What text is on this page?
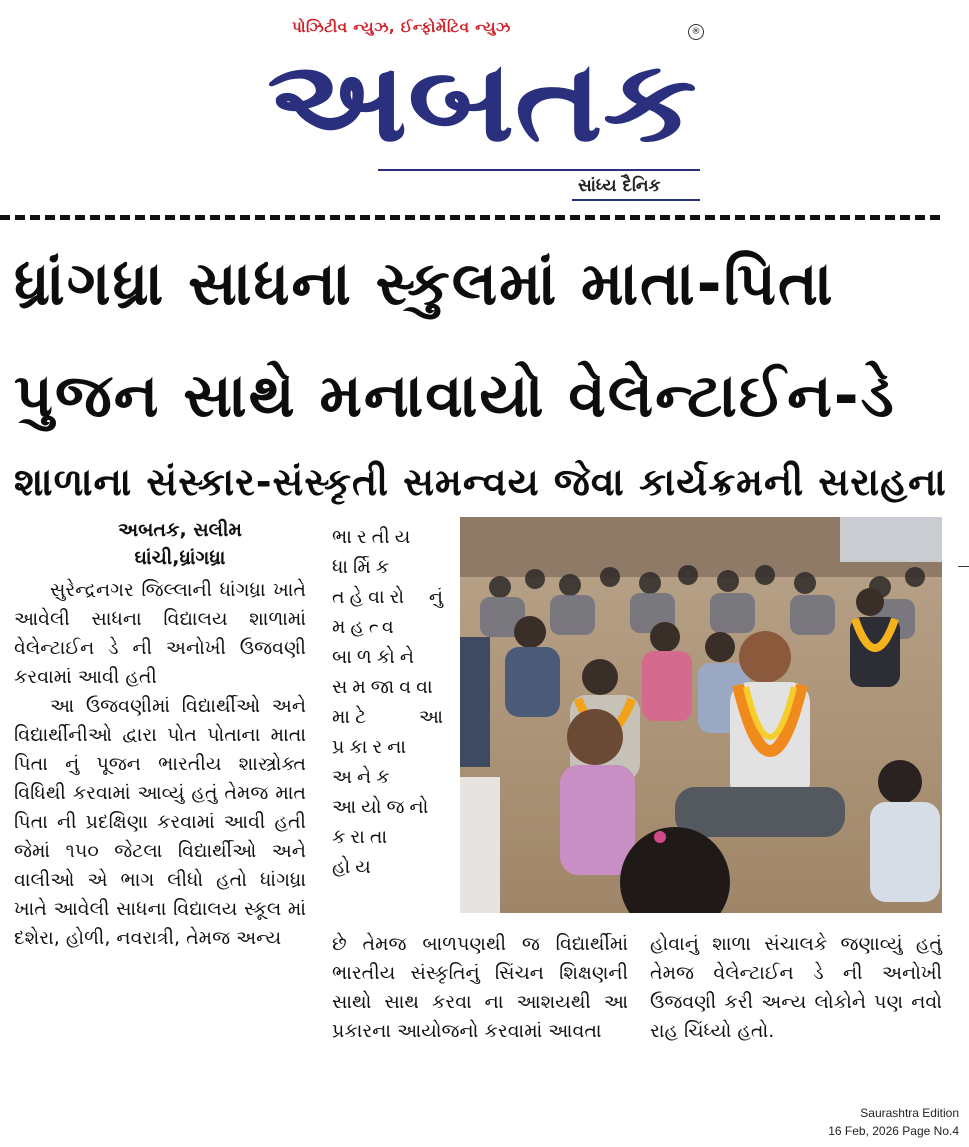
પોઝિટીવ ન્યુઝ, ઈન્ફોર્મેટિવ ન્યુઝ	®
અબતક
સાંધ્ય દૈનિક
ધ્રાંગધ્રા સાધના સ્કુલમાં માતા-પિતા
પુજન સાથે મનાવાયો વેલેન્ટાઈન-ડે
શાળાના સંસ્કાર-સંસ્કૃતી સમન્વય જેવા કાર્યક્રમની સરાહના
અબતક, સલીમ
ઘાંચી,ધ્રાંગધ્રા

સુરેન્દ્રનગર જિલ્લાની ધાંગધ્રા ખાતે આવેલી સાધના વિદ્યાલય શાળામાં વેલેન્ટાઈન ડે ની અનોખી ઉજવણી કરવામાં આવી હતી

આ ઉજવણીમાં વિદ્યાર્થીઓ અને વિદ્યાર્થીનીઓ દ્વારા પોત પોતાના માતા પિતા નું પૂજન ભારતીય શાસ્ત્રોક્ત વિધિથી કરવામાં આવ્યું હતું તેમજ માત પિતા ની પ્રદક્ષિણા કરવામાં આવી હતી જેમાં ૧૫૦ જેટલા વિદ્યાર્થીઓ અને વાલીઓ એ ભાગ લીધો હતો ધાંગધ્રા ખાતે આવેલી સાધના વિદ્યાલય સ્કૂલ માં દશેરા, હોળી, નવરાત્રી, તેમજ અન્ય

ભારતીય ધાર્મિક તહેવારો નું મહત્વ બાળકોને સમજાવવા માટે આ પ્રકારના અનેક આયોજનો કરાતા હોય
છે તેમજ બાળપણથી જ વિદ્યાર્થીમાં ભારતીય સંસ્કૃતિનું સિંચન શિક્ષણની સાથો સાથ કરવા ના આશયથી આ પ્રકારના આયોજનો કરવામાં આવતા
હોવાનું શાળા સંચાલકે જણાવ્યું હતું તેમજ વેલેન્ટાઈન ડે ની અનોખી ઉજવણી કરી અન્ય લોકોને પણ નવો રાહ ચિંધ્યો હતો.
Saurashtra Edition
16 Feb, 2026 Page No.4
